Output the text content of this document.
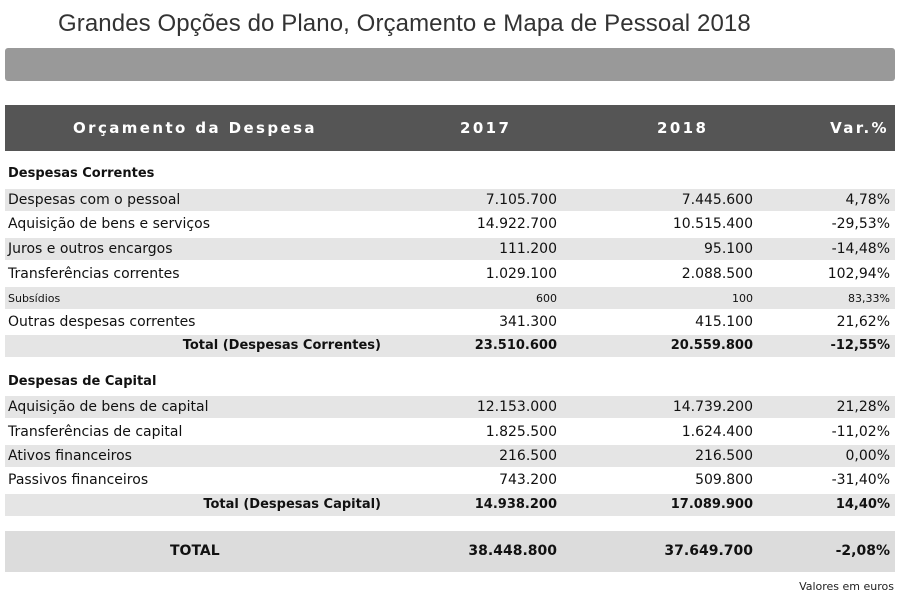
Grandes Opções do Plano, Orçamento e Mapa de Pessoal 2018
Orçamento da Despesa	2017	2018	Var.%
Despesas Correntes
Despesas com o pessoal	7.105.700	7.445.600	4,78%
Aquisição de bens e serviços	14.922.700	10.515.400	-29,53%
Juros e outros encargos	111.200	95.100	-14,48%
Transferências correntes	1.029.100	2.088.500	102,94%
Subsídios	600	100	83,33%
Outras despesas correntes	341.300	415.100	21,62%
Total (Despesas Correntes)	23.510.600	20.559.800	-12,55%
Despesas de Capital
Aquisição de bens de capital	12.153.000	14.739.200	21,28%
Transferências de capital	1.825.500	1.624.400	-11,02%
Ativos financeiros	216.500	216.500	0,00%
Passivos financeiros	743.200	509.800	-31,40%
Total (Despesas Capital)	14.938.200	17.089.900	14,40%
TOTAL	38.448.800	37.649.700	-2,08%
Valores em euros
